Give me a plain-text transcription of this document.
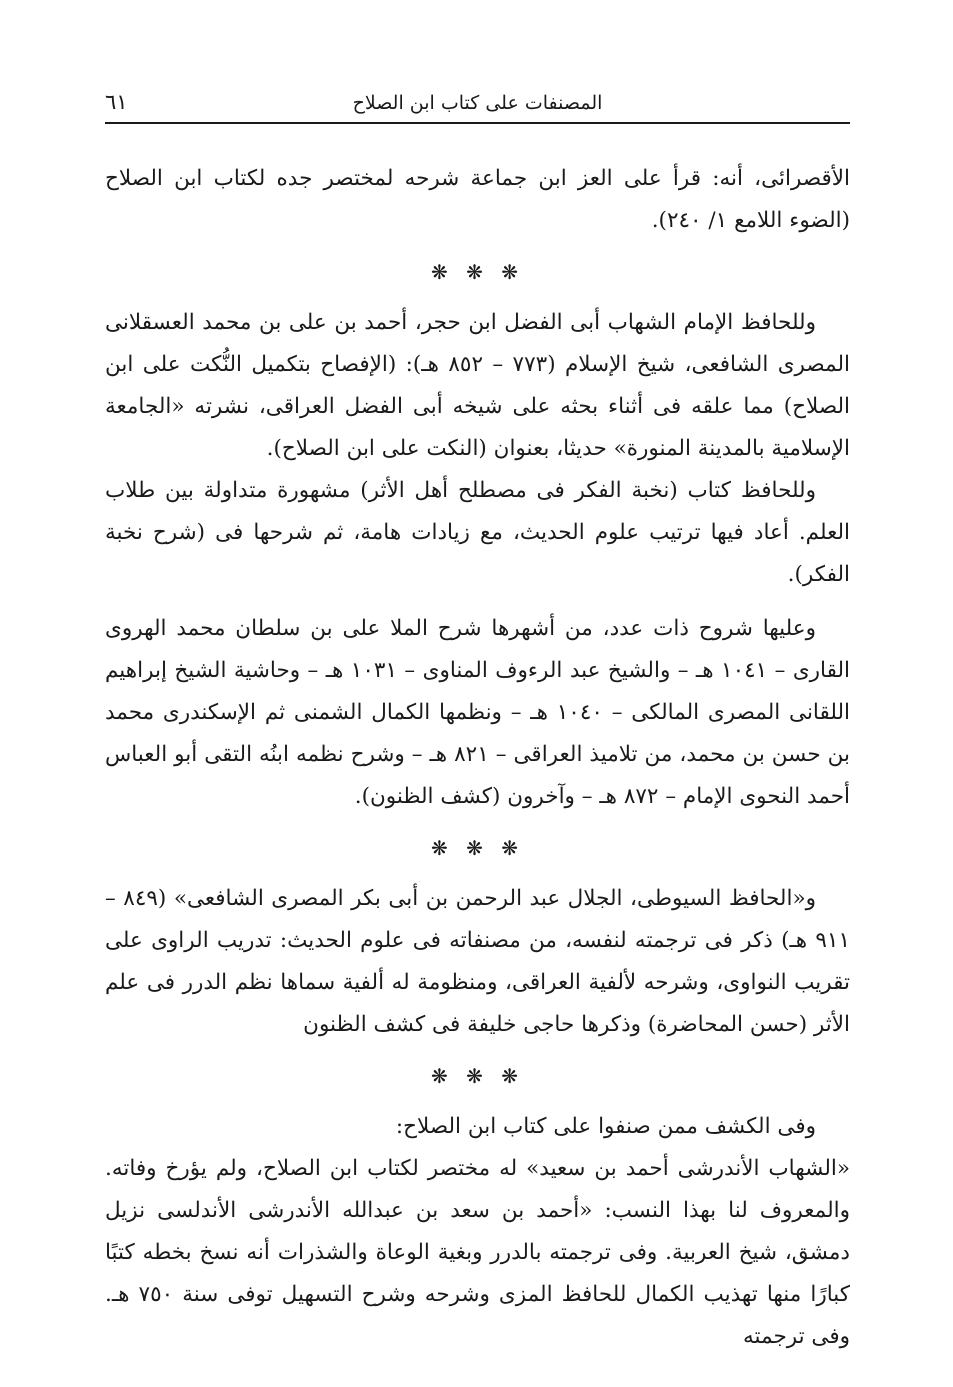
المصنفات على كتاب ابن الصلاح
٦١

الأقصرائى، أنه: قرأ على العز ابن جماعة شرحه لمختصر جده لكتاب ابن الصلاح (الضوء اللامع ١/ ٢٤٠).

❋ ❋ ❋

وللحافظ الإمام الشهاب أبى الفضل ابن حجر، أحمد بن على بن محمد العسقلانى المصرى الشافعى، شيخ الإسلام (٧٧٣ – ٨٥٢ هـ): (الإفصاح بتكميل النُّكت على ابن الصلاح) مما علقه فى أثناء بحثه على شيخه أبى الفضل العراقى، نشرته «الجامعة الإسلامية بالمدينة المنورة» حديثا، بعنوان (النكت على ابن الصلاح).

وللحافظ كتاب (نخبة الفكر فى مصطلح أهل الأثر) مشهورة متداولة بين طلاب العلم. أعاد فيها ترتيب علوم الحديث، مع زيادات هامة، ثم شرحها فى (شرح نخبة الفكر).

وعليها شروح ذات عدد، من أشهرها شرح الملا على بن سلطان محمد الهروى القارى – ١٠٤١ هـ – والشيخ عبد الرءوف المناوى – ١٠٣١ هـ – وحاشية الشيخ إبراهيم اللقانى المصرى المالكى – ١٠٤٠ هـ – ونظمها الكمال الشمنى ثم الإسكندرى محمد بن حسن بن محمد، من تلاميذ العراقى – ٨٢١ هـ – وشرح نظمه ابنُه التقى أبو العباس أحمد النحوى الإمام – ٨٧٢ هـ – وآخرون (كشف الظنون).

❋ ❋ ❋

و«الحافظ السيوطى، الجلال عبد الرحمن بن أبى بكر المصرى الشافعى» (٨٤٩ – ٩١١ هـ) ذكر فى ترجمته لنفسه، من مصنفاته فى علوم الحديث: تدريب الراوى على تقريب النواوى، وشرحه لألفية العراقى، ومنظومة له ألفية سماها نظم الدرر فى علم الأثر (حسن المحاضرة) وذكرها حاجى خليفة فى كشف الظنون

❋ ❋ ❋

وفى الكشف ممن صنفوا على كتاب ابن الصلاح:

«الشهاب الأندرشى أحمد بن سعيد» له مختصر لكتاب ابن الصلاح، ولم يؤرخ وفاته. والمعروف لنا بهذا النسب: «أحمد بن سعد بن عبدالله الأندرشى الأندلسى نزيل دمشق، شيخ العربية. وفى ترجمته بالدرر وبغية الوعاة والشذرات أنه نسخ بخطه كتبًا كبارًا منها تهذيب الكمال للحافظ المزى وشرحه وشرح التسهيل توفى سنة ٧٥٠ هـ. وفى ترجمته
